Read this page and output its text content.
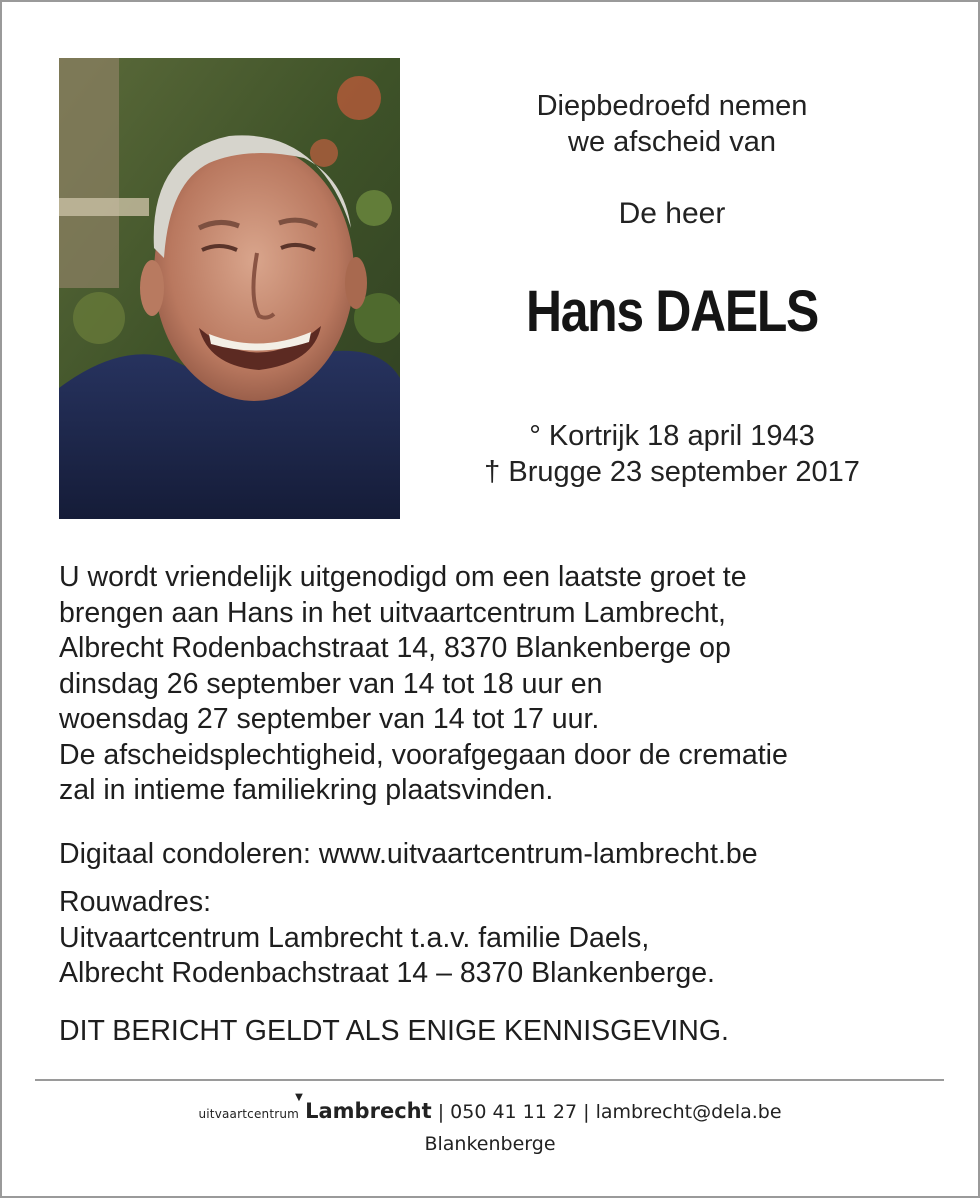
Diepbedroefd nemen
we afscheid van
De heer
Hans DAELS
° Kortrijk 18 april 1943
† Brugge 23 september 2017
U wordt vriendelijk uitgenodigd om een laatste groet te
brengen aan Hans in het uitvaartcentrum Lambrecht,
Albrecht Rodenbachstraat 14, 8370 Blankenberge op
dinsdag 26 september van 14 tot 18 uur en
woensdag 27 september van 14 tot 17 uur.
De afscheidsplechtigheid, voorafgegaan door de crematie
zal in intieme familiekring plaatsvinden.
Digitaal condoleren: www.uitvaartcentrum-lambrecht.be
Rouwadres:
Uitvaartcentrum Lambrecht t.a.v. familie Daels,
Albrecht Rodenbachstraat 14 – 8370 Blankenberge.
DIT BERICHT GELDT ALS ENIGE KENNISGEVING.
uitvaartcentrum
▼
Lambrecht | 050 41 11 27 | lambrecht@dela.be
Blankenberge
